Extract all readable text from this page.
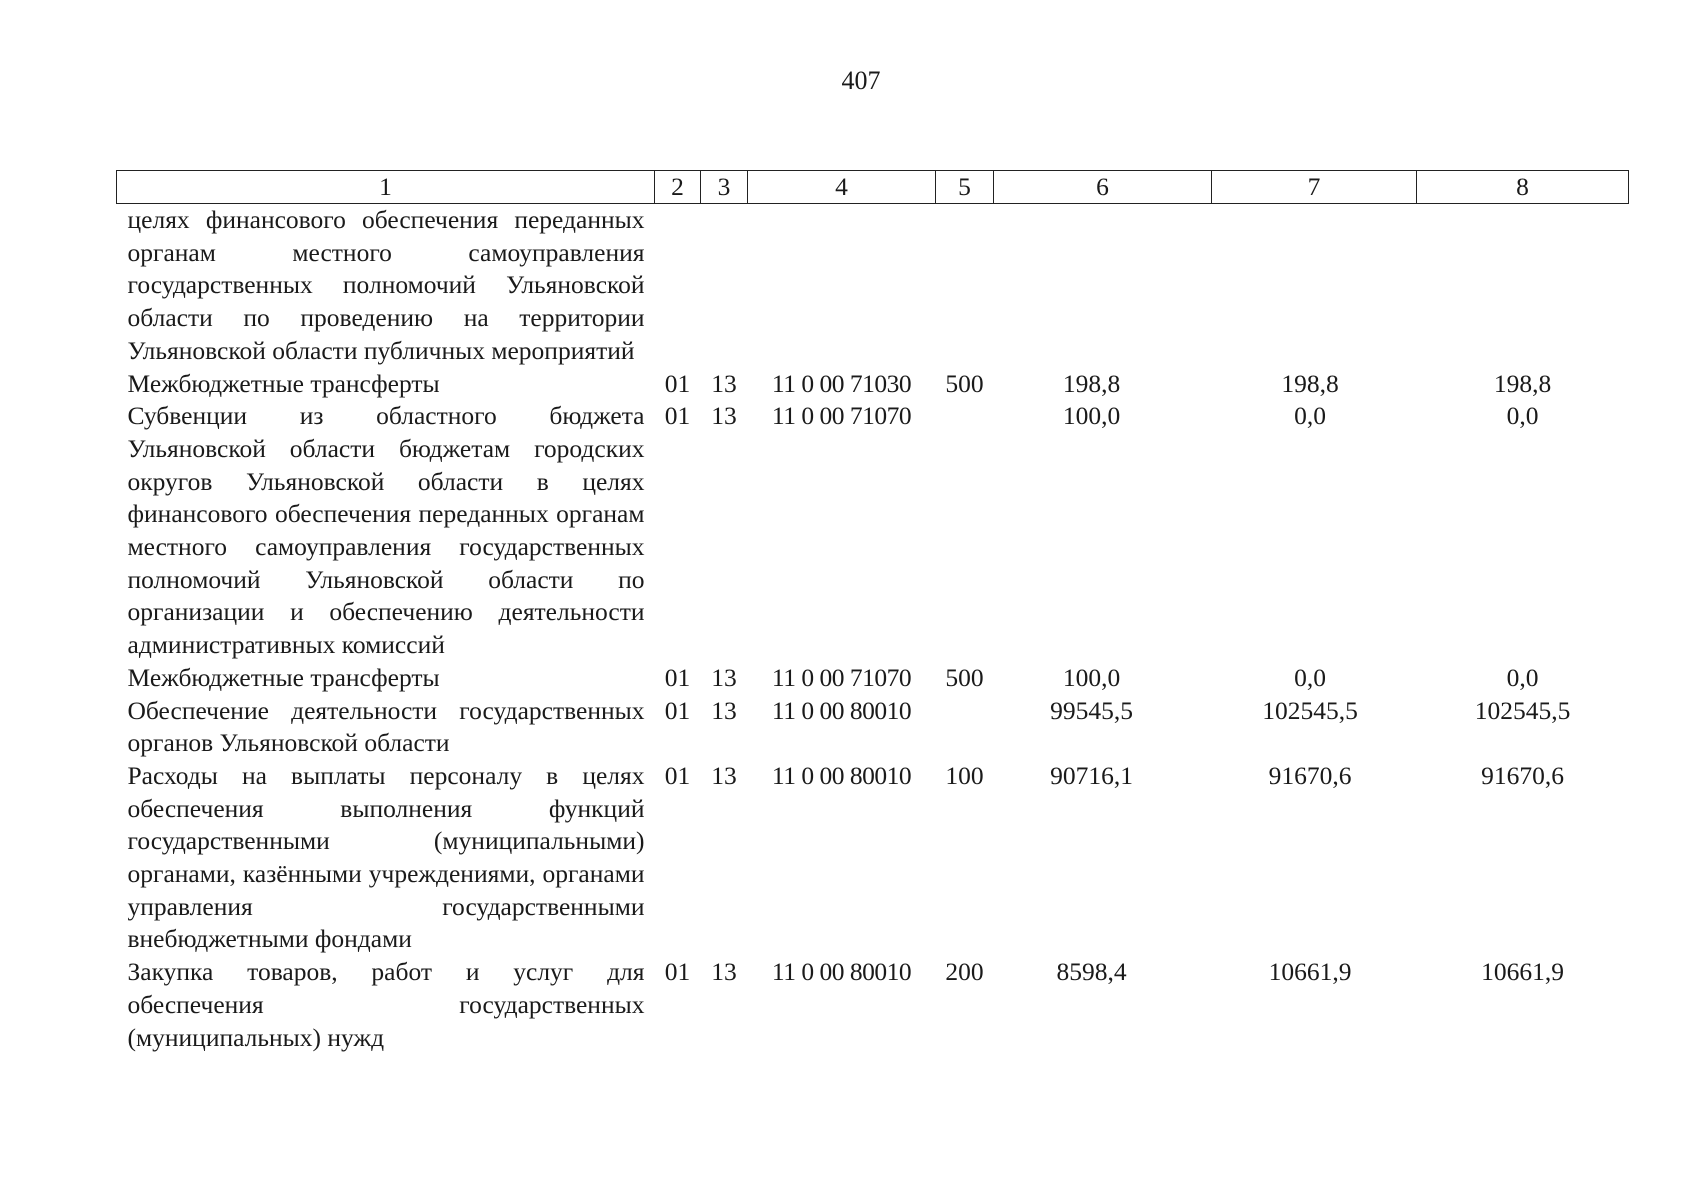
407
1	2	3	4	5	6	7	8
целях финансового обеспечения переданных органам местного самоуправления государственных полномочий Ульяновской области по проведению на территории Ульяновской области публичных мероприятий							
Межбюджетные трансферты	01	13	11 0 00 71030	500	198,8	198,8	198,8
Субвенции из областного бюджета Ульяновской области бюджетам городских округов Ульяновской области в целях финансового обеспечения переданных органам местного самоуправления государственных полномочий Ульяновской области по организации и обеспечению деятельности административных комиссий	01	13	11 0 00 71070		100,0	0,0	0,0
Межбюджетные трансферты	01	13	11 0 00 71070	500	100,0	0,0	0,0
Обеспечение деятельности государственных органов Ульяновской области	01	13	11 0 00 80010		99545,5	102545,5	102545,5
Расходы на выплаты персоналу в целях обеспечения выполнения функций государственными (муниципальными) органами, казёнными учреждениями, органами управления государственными внебюджетными фондами	01	13	11 0 00 80010	100	90716,1	91670,6	91670,6
Закупка товаров, работ и услуг для обеспечения государственных (муниципальных) нужд	01	13	11 0 00 80010	200	8598,4	10661,9	10661,9
